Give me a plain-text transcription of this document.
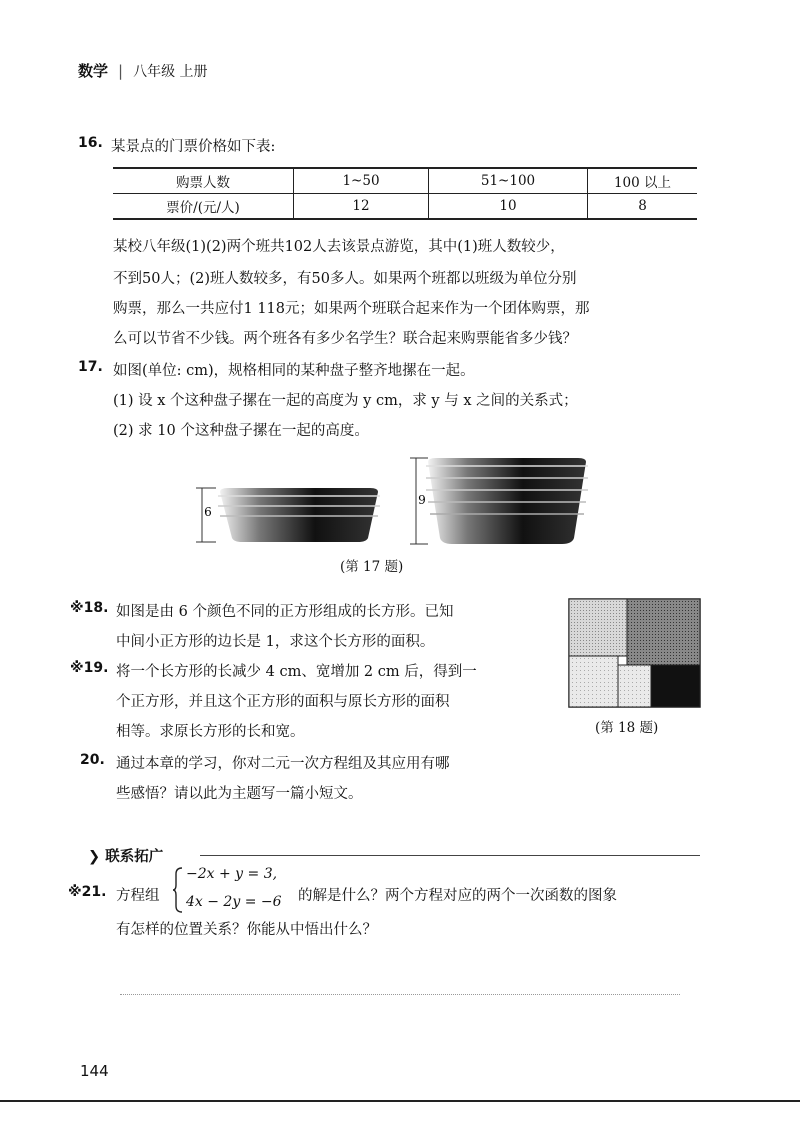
数学 | 八年级 上册
16. 某景点的门票价格如下表:
购票人数	1~50	51~100	100 以上
票价/(元/人)	12	10	8
某校八年级(1)(2)两个班共102人去该景点游览，其中(1)班人数较少，
不到50人；(2)班人数较多，有50多人。如果两个班都以班级为单位分别
购票，那么一共应付1 118元；如果两个班联合起来作为一个团体购票，那
么可以节省不少钱。两个班各有多少名学生？联合起来购票能省多少钱？
17. 如图(单位: cm)，规格相同的某种盘子整齐地摞在一起。
(1) 设 x 个这种盘子摞在一起的高度为 y cm，求 y 与 x 之间的关系式；
(2) 求 10 个这种盘子摞在一起的高度。
6
9
(第 17 题)
※18. 如图是由 6 个颜色不同的正方形组成的长方形。已知
中间小正方形的边长是 1，求这个长方形的面积。
(第 18 题)
※19. 将一个长方形的长减少 4 cm、宽增加 2 cm 后，得到一
个正方形，并且这个正方形的面积与原长方形的面积
相等。求原长方形的长和宽。
20. 通过本章的学习，你对二元一次方程组及其应用有哪
些感悟？请以此为主题写一篇小短文。
❯ 联系拓广
※21. 方程组
−2x + y = 3,
4x − 2y = −6 的解是什么？两个方程对应的两个一次函数的图象
有怎样的位置关系？你能从中悟出什么？
144
